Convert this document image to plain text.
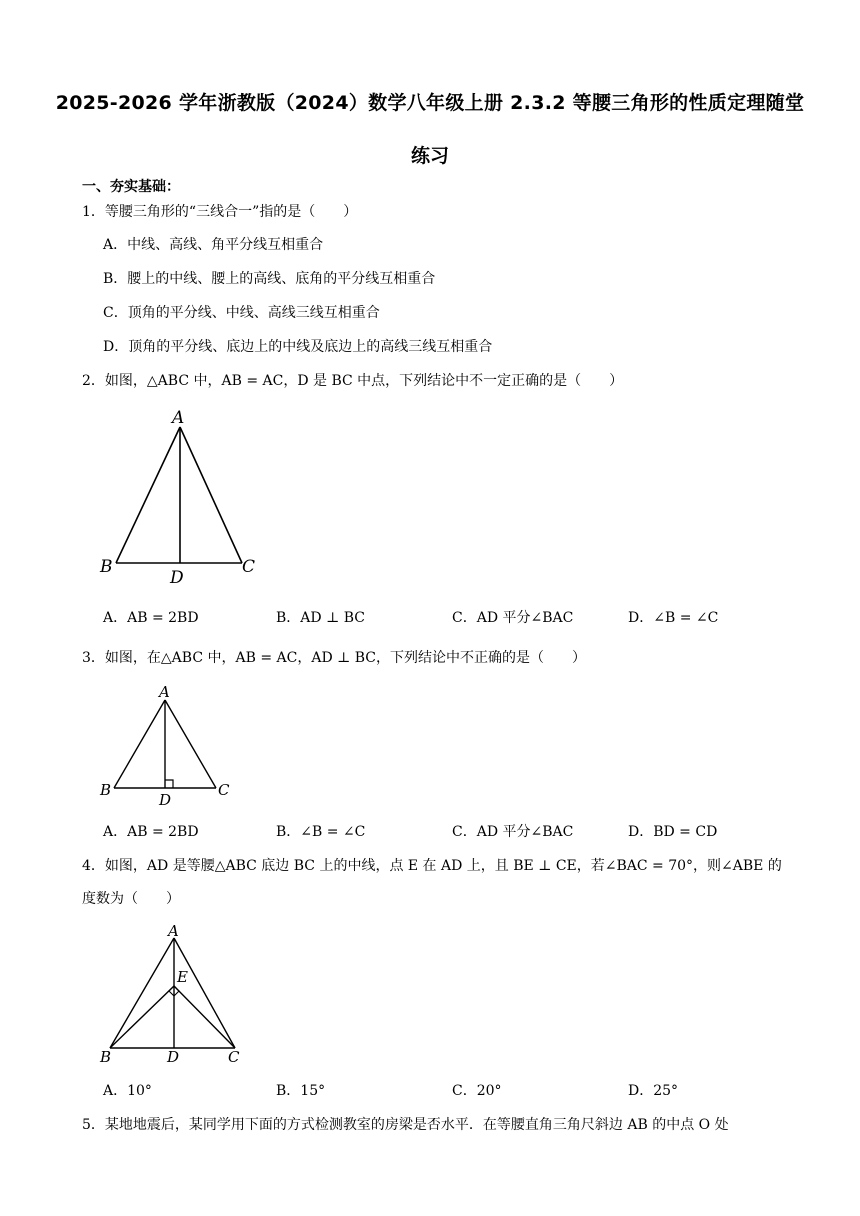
2025-2026 学年浙教版（2024）数学八年级上册 2.3.2 等腰三角形的性质定理随堂
练习
一、夯实基础：
1．等腰三角形的“三线合一”指的是（　　）
A．中线、高线、角平分线互相重合
B．腰上的中线、腰上的高线、底角的平分线互相重合
C．顶角的平分线、中线、高线三线互相重合
D．顶角的平分线、底边上的中线及底边上的高线三线互相重合
2．如图，△ABC 中，AB = AC，D 是 BC 中点，下列结论中不一定正确的是（　　）
A
B	C
D
A．AB = 2BD	B．AD ⊥ BC	C．AD 平分∠BAC	D．∠B = ∠C
3．如图，在△ABC 中，AB = AC，AD ⊥ BC，下列结论中不正确的是（　　）
A
B	C
D
A．AB = 2BD	B．∠B = ∠C	C．AD 平分∠BAC	D．BD = CD
4．如图，AD 是等腰△ABC 底边 BC 上的中线，点 E 在 AD 上，且 BE ⊥ CE，若∠BAC = 70°，则∠ABE 的
度数为（　　）
A
B	C
D
E
A．10°	B．15°	C．20°	D．25°
5．某地地震后，某同学用下面的方式检测教室的房梁是否水平．在等腰直角三角尺斜边 AB 的中点 O 处
